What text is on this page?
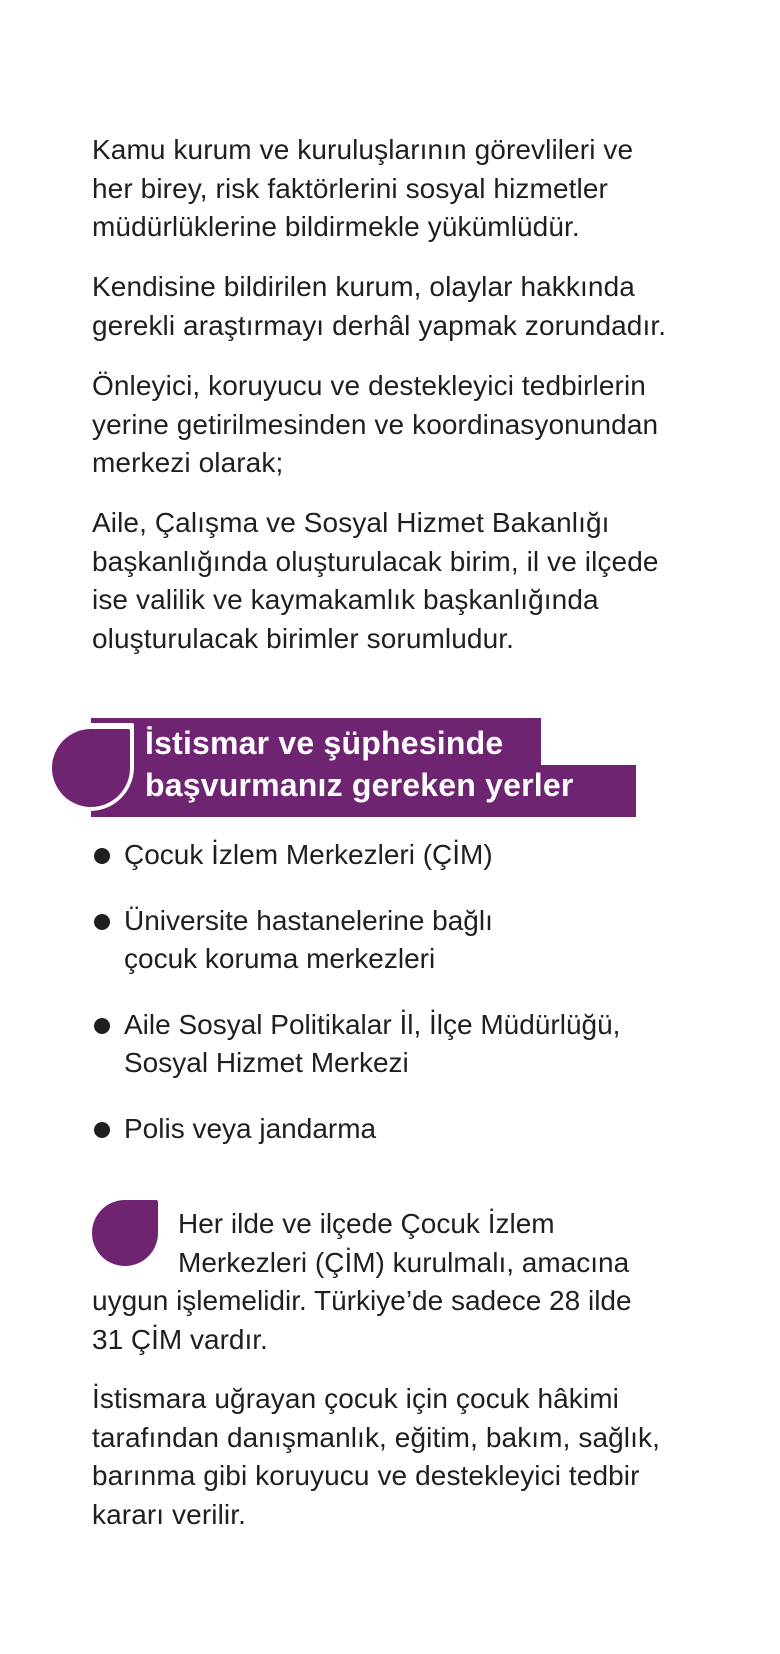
Kamu kurum ve kuruluşlarının görevlileri ve
her birey, risk faktörlerini sosyal hizmetler
müdürlüklerine bildirmekle yükümlüdür.

Kendisine bildirilen kurum, olaylar hakkında
gerekli araştırmayı derhâl yapmak zorundadır.

Önleyici, koruyucu ve destekleyici tedbirlerin
yerine getirilmesinden ve koordinasyonundan
merkezi olarak;

Aile, Çalışma ve Sosyal Hizmet Bakanlığı
başkanlığında oluşturulacak birim, il ve ilçede
ise valilik ve kaymakamlık başkanlığında
oluşturulacak birimler sorumludur.

İstismar ve şüphesinde
başvurmanız gereken yerler
Çocuk İzlem Merkezleri (ÇİM)
Üniversite hastanelerine bağlı
çocuk koruma merkezleri
Aile Sosyal Politikalar İl, İlçe Müdürlüğü,
Sosyal Hizmet Merkezi
Polis veya jandarma

Her ilde ve ilçede Çocuk İzlem
Merkezleri (ÇİM) kurulmalı, amacına
uygun işlemelidir. Türkiye’de sadece 28 ilde
31 ÇİM vardır.

İstismara uğrayan çocuk için çocuk hâkimi
tarafından danışmanlık, eğitim, bakım, sağlık,
barınma gibi koruyucu ve destekleyici tedbir
kararı verilir.
